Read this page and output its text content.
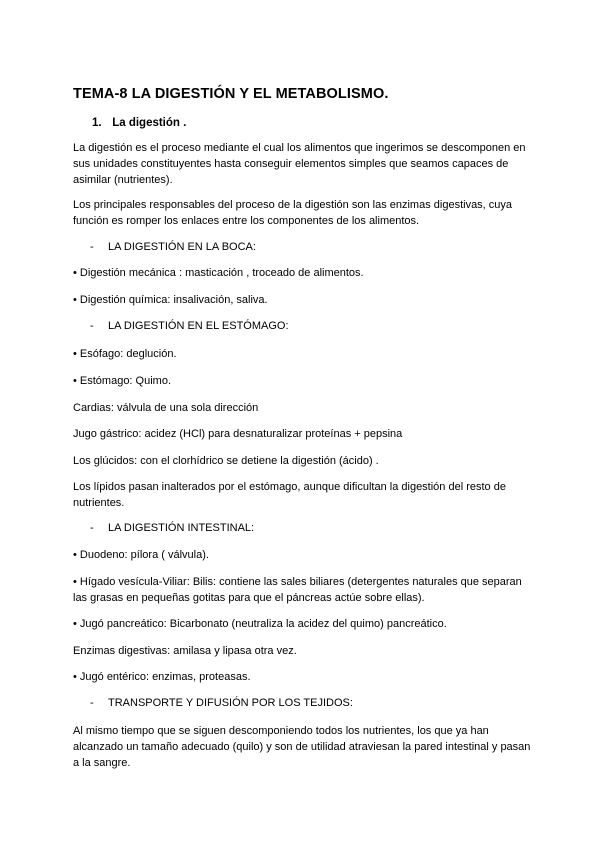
TEMA-8 LA DIGESTIÓN Y EL METABOLISMO.
1. La digestión .
La digestión es el proceso mediante el cual los alimentos que ingerimos se descomponen en sus unidades constituyentes hasta conseguir elementos simples que seamos capaces de asimilar (nutrientes).
Los principales responsables del proceso de la digestión son las enzimas digestivas, cuya función es romper los enlaces entre los componentes de los alimentos.
- LA DIGESTIÓN EN LA BOCA:
• Digestión mecánica : masticación , troceado de alimentos.
• Digestión química: insalivación, saliva.
- LA DIGESTIÓN EN EL ESTÓMAGO:
• Esófago: deglución.
• Estómago: Quimo.
Cardias: válvula de una sola dirección
Jugo gástrico: acidez (HCl) para desnaturalizar proteínas + pepsina
Los glúcidos: con el clorhídrico se detiene la digestión (ácido) .
Los lípidos pasan inalterados por el estómago, aunque dificultan la digestión del resto de nutrientes.
- LA DIGESTIÓN INTESTINAL:
• Duodeno: pílora ( válvula).
• Hígado vesícula-Viliar: Bilis: contiene las sales biliares (detergentes naturales que separan las grasas en pequeñas gotitas para que el páncreas actúe sobre ellas).
• Jugó pancreático: Bicarbonato (neutraliza la acidez del quimo) pancreático.
Enzimas digestivas: amilasa y lipasa otra vez.
• Jugó entérico: enzimas, proteasas.
- TRANSPORTE Y DIFUSIÓN POR LOS TEJIDOS:
Al mismo tiempo que se siguen descomponiendo todos los nutrientes, los que ya han alcanzado un tamaño adecuado (quilo) y son de utilidad atraviesan la pared intestinal y pasan a la sangre.
